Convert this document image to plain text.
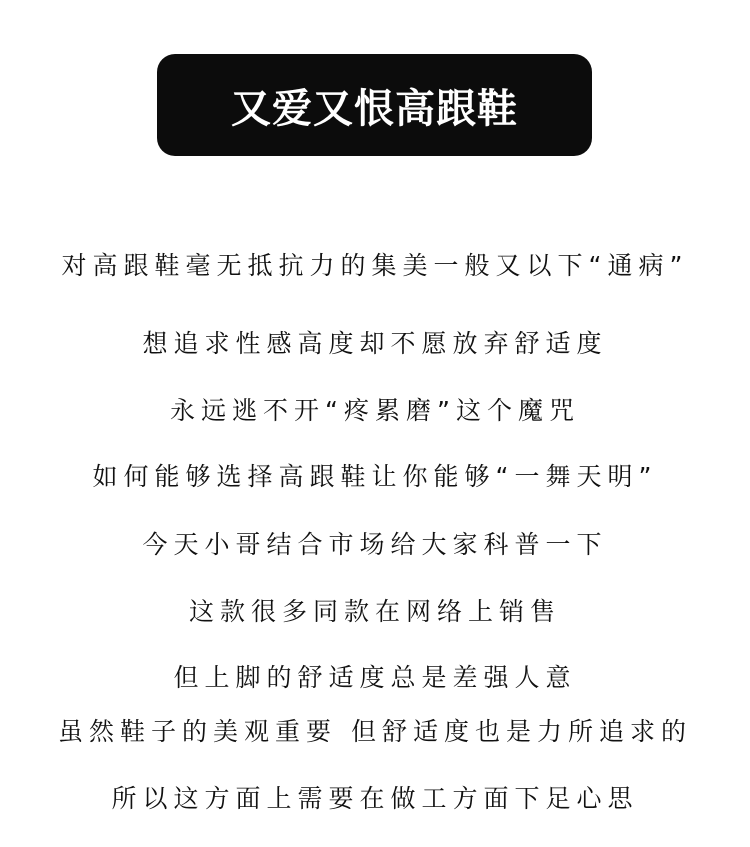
又爱又恨高跟鞋
对高跟鞋毫无抵抗力的集美一般又以下“通病”
想追求性感高度却不愿放弃舒适度
永远逃不开“疼累磨”这个魔咒
如何能够选择高跟鞋让你能够“一舞天明”
今天小哥结合市场给大家科普一下
这款很多同款在网络上销售
但上脚的舒适度总是差强人意
虽然鞋子的美观重要 但舒适度也是力所追求的
所以这方面上需要在做工方面下足心思
